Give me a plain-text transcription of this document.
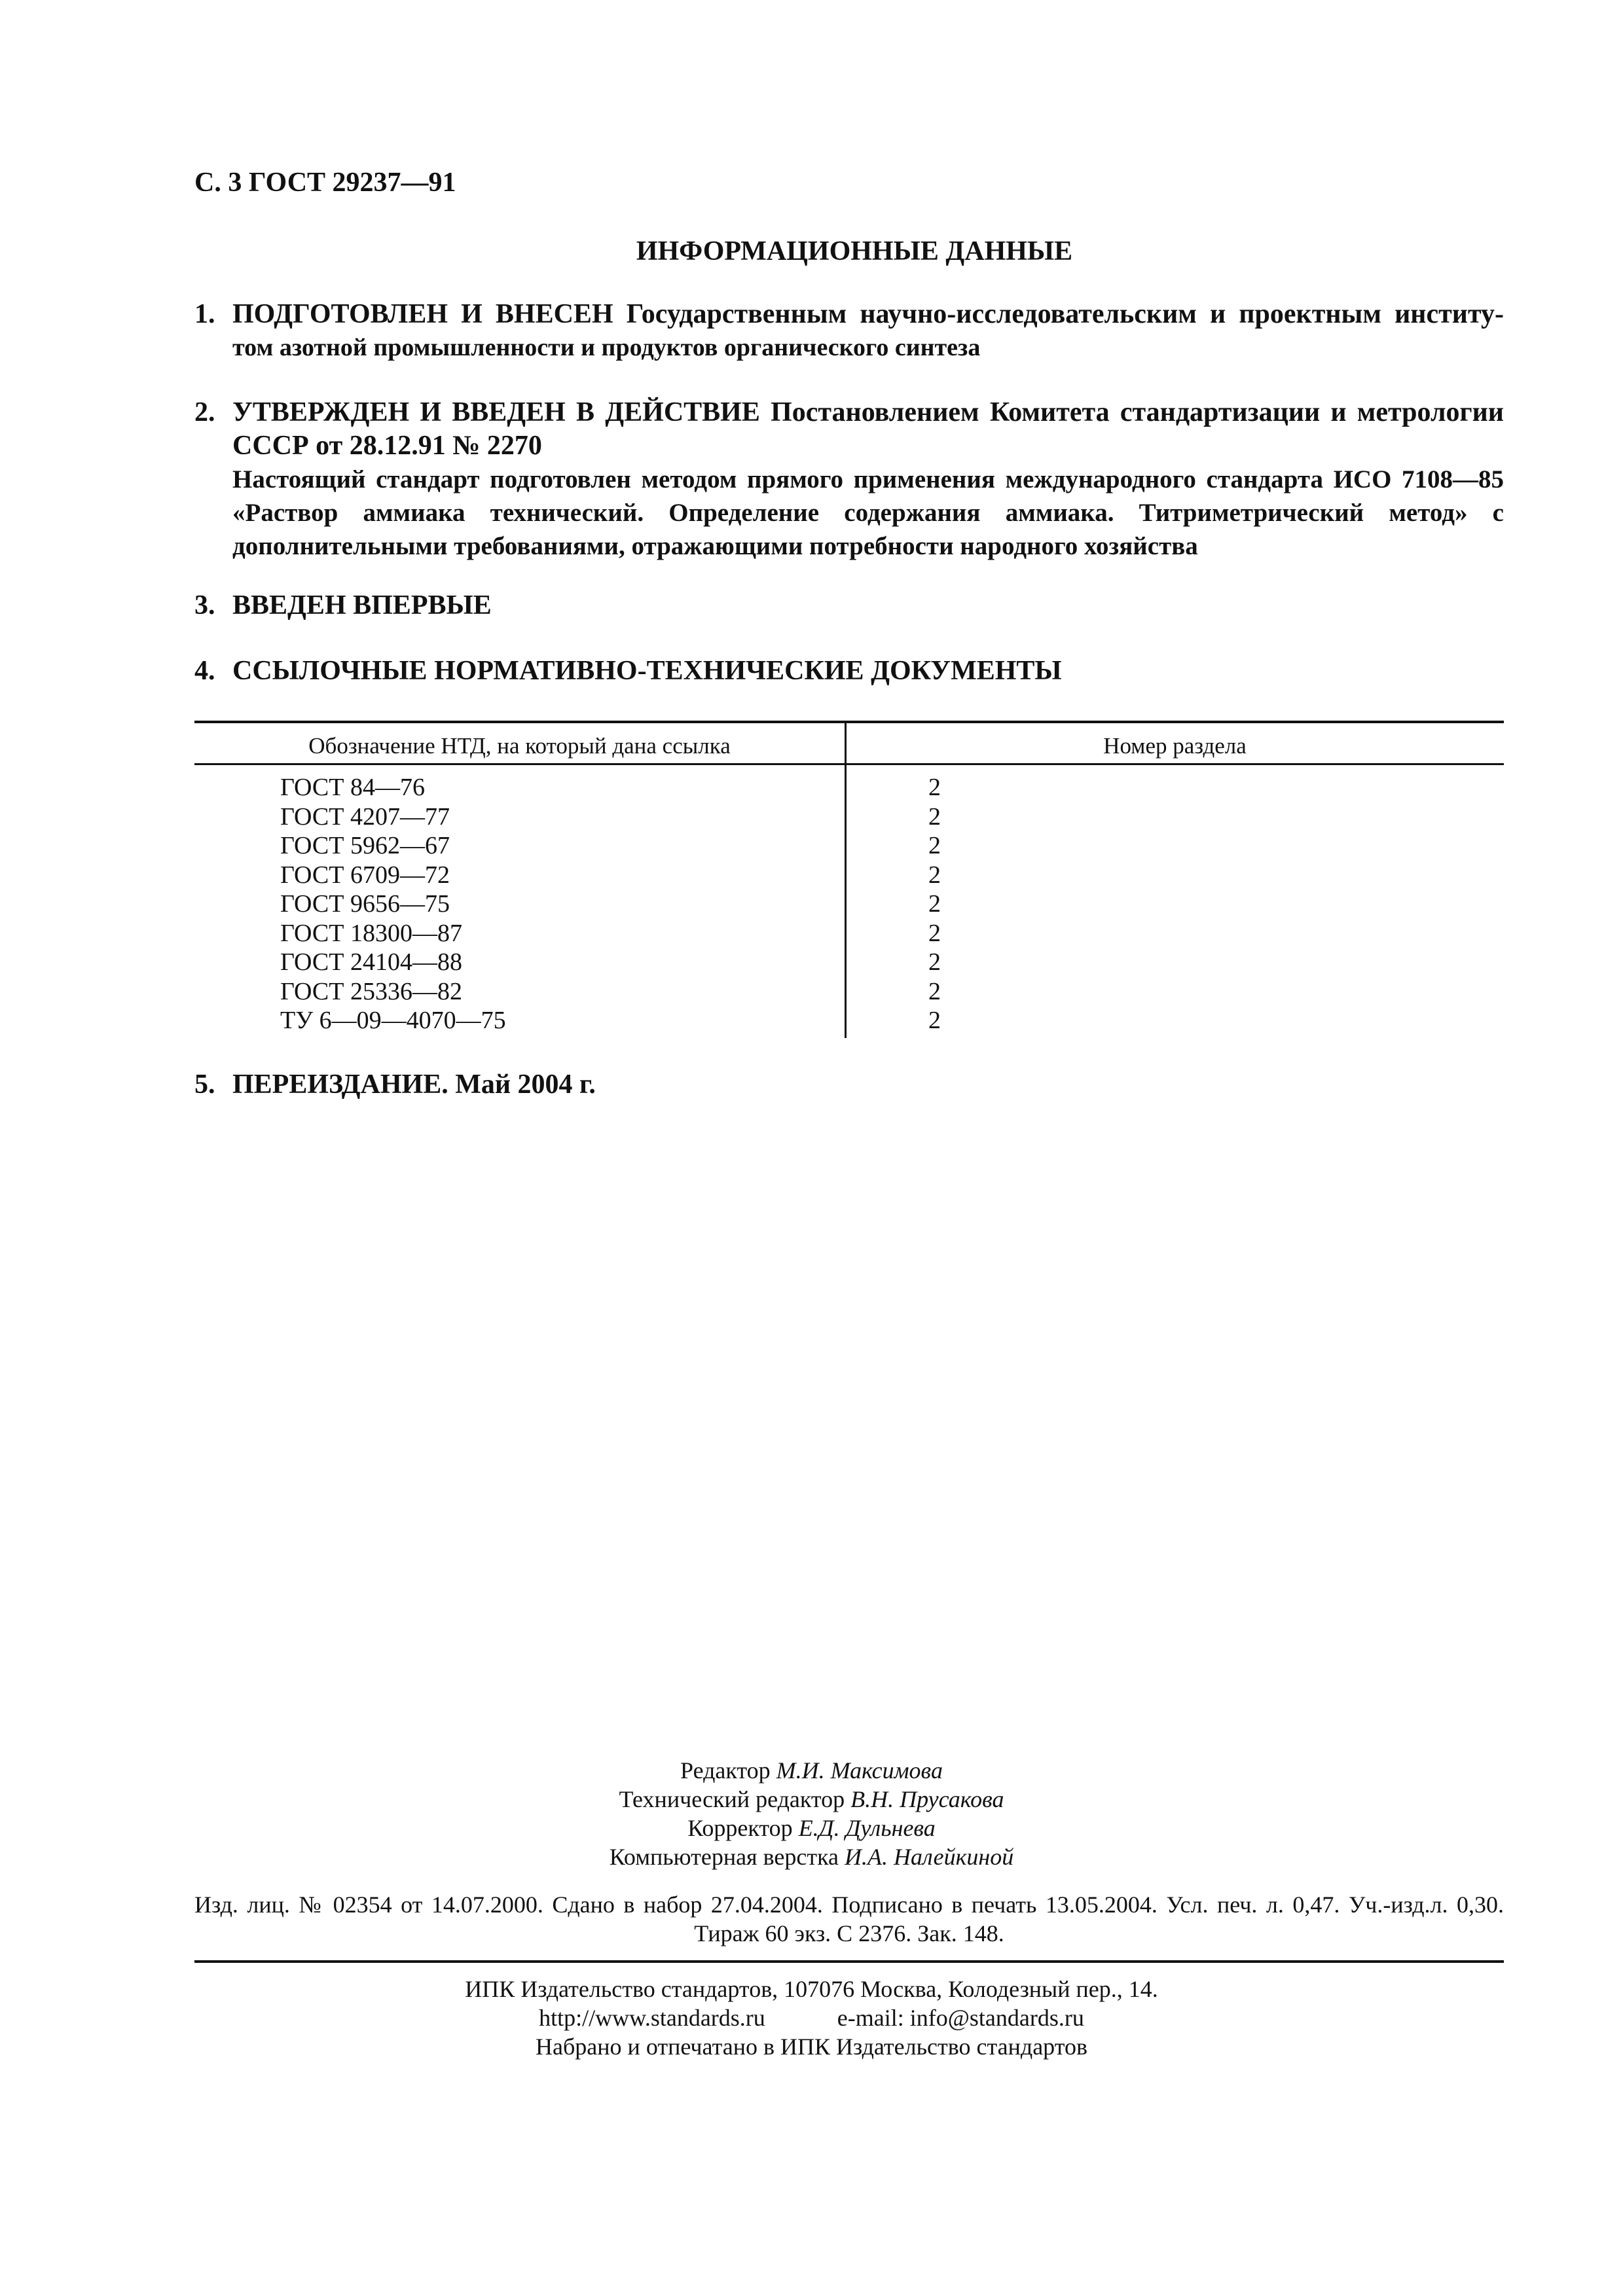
С. 3 ГОСТ 29237—91
ИНФОРМАЦИОННЫЕ ДАННЫЕ
1. ПОДГОТОВЛЕН И ВНЕСЕН Государственным научно-исследовательским и проектным институ-

том азотной промышленности и продуктов органического синтеза

2. УТВЕРЖДЕН И ВВЕДЕН В ДЕЙСТВИЕ Постановлением Комитета стандартизации и метрологии

СССР от 28.12.91 № 2270

Настоящий стандарт подготовлен методом прямого применения международного стандарта ИСО 7108—85 «Раствор аммиака технический. Определение содержания аммиака. Титриметрический метод» с дополнительными требованиями, отражающими потребности народного хозяйства

3. ВВЕДЕН ВПЕРВЫЕ
4. ССЫЛОЧНЫЕ НОРМАТИВНО-ТЕХНИЧЕСКИЕ ДОКУМЕНТЫ
Обозначение НТД, на который дана ссылка	Номер раздела
ГОСТ 84—76
ГОСТ 4207—77
ГОСТ 5962—67
ГОСТ 6709—72
ГОСТ 9656—75
ГОСТ 18300—87
ГОСТ 24104—88
ГОСТ 25336—82
ТУ 6—09—4070—75
2
2
2
2
2
2
2
2
2
5. ПЕРЕИЗДАНИЕ. Май 2004 г.
Редактор М.И. Максимова
Технический редактор В.Н. Прусакова
Корректор Е.Д. Дульнева
Компьютерная верстка И.А. Налейкиной
Изд. лиц. № 02354 от 14.07.2000. Сдано в набор 27.04.2004. Подписано в печать 13.05.2004. Усл. печ. л. 0,47. Уч.-изд.л. 0,30.
Тираж 60 экз. С 2376. Зак. 148.
ИПК Издательство стандартов, 107076 Москва, Колодезный пер., 14.
http://www.standards.ru	e-mail: info@standards.ru
Набрано и отпечатано в ИПК Издательство стандартов
